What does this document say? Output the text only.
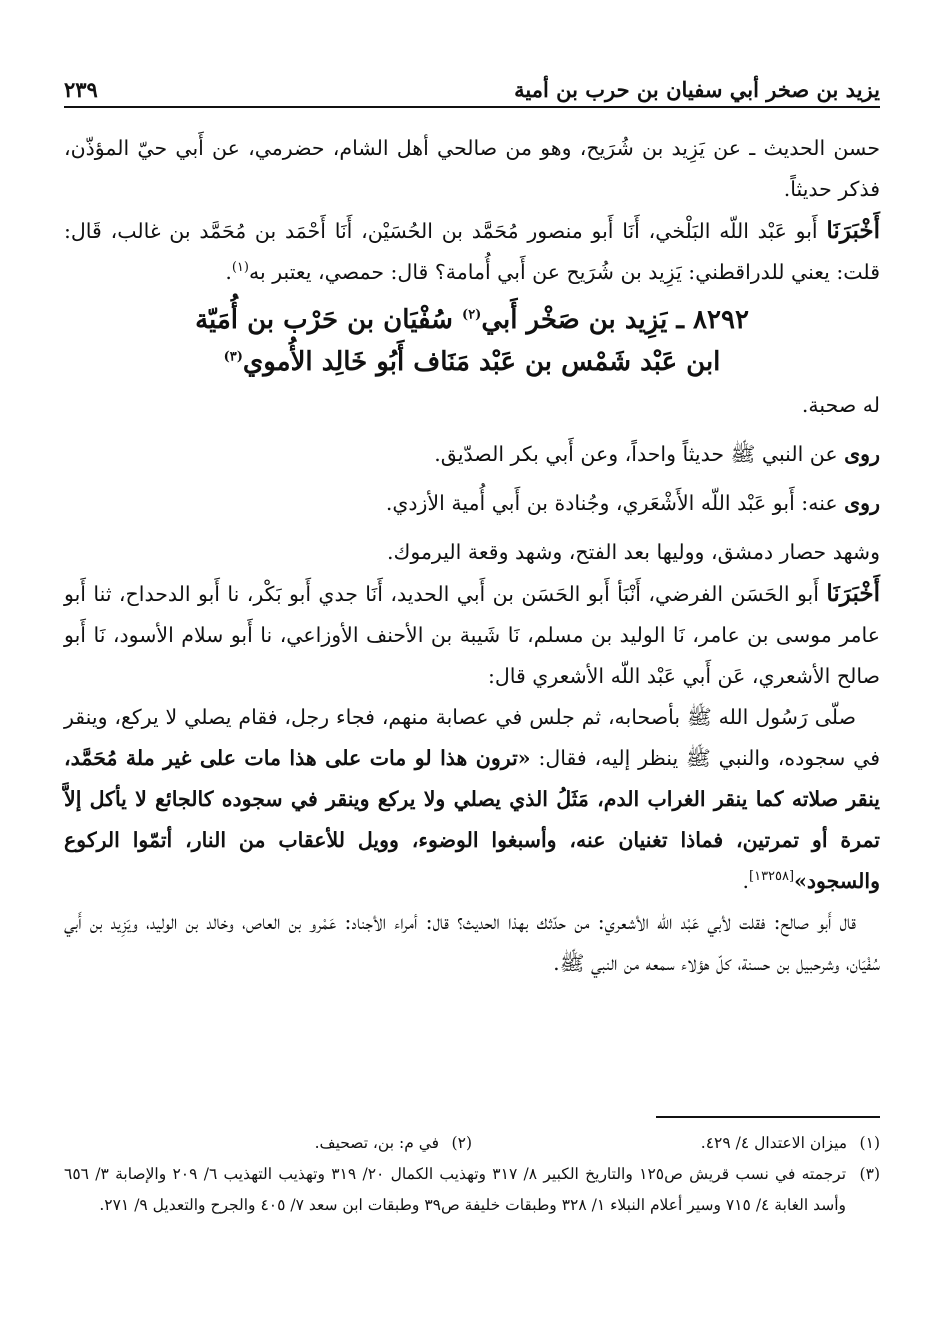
يزيد بن صخر أبي سفيان بن حرب بن أمية
٢٣٩

حسن الحديث ـ عن يَزِيد بن شُرَيح، وهو من صالحي أهل الشام، حضرمي، عن أَبي حيّ المؤذّن، فذكر حديثاً.

أَخْبَرَنَا أَبو عَبْد اللّه البَلْخي، أَنَا أَبو منصور مُحَمَّد بن الحُسَيْن، أَنَا أَحْمَد بن مُحَمَّد بن غالب، قَال: قلت: يعني للدراقطني: يَزِيد بن شُرَيح عن أَبي أُمامة؟ قال: حمصي، يعتبر به$^{(١)}$.

٨٢٩٢ ـ يَزِيد بن صَخْر أَبي$^{(٢)}$ سُفْيَان بن حَرْب بن أُمَيّة
ابن عَبْد شَمْس بن عَبْد مَنَاف أَبُو خَالِد الأُموي$^{(٣)}$

له صحبة.

روى عن النبي ﷺ حديثاً واحداً، وعن أَبي بكر الصدّيق.

روى عنه: أَبو عَبْد اللّه الأَشْعَري، وجُنادة بن أَبي أُمية الأزدي.

وشهد حصار دمشق، ووليها بعد الفتح، وشهد وقعة اليرموك.

أَخْبَرَنَا أَبو الحَسَن الفرضي، أَنْبَأ أَبو الحَسَن بن أَبي الحديد، أَنَا جدي أَبو بَكْر، نا أَبو الدحداح، ثنا أَبو عامر موسى بن عامر، نَا الوليد بن مسلم، نَا شَيبة بن الأحنف الأوزاعي، نا أَبو سلام الأسود، نَا أَبو صالح الأشعري، عَن أَبي عَبْد اللّه الأشعري قال:

صلّى رَسُول الله ﷺ بأصحابه، ثم جلس في عصابة منهم، فجاء رجل، فقام يصلي لا يركع، وينقر في سجوده، والنبي ﷺ ينظر إليه، فقال: «ترون هذا لو مات على هذا مات على غير ملة مُحَمَّد، ينقر صلاته كما ينقر الغراب الدم، مَثَلُ الذي يصلي ولا يركع وينقر في سجوده كالجائع لا يأكل إلاَّ تمرة أو تمرتين، فماذا تغنيان عنه، وأسبغوا الوضوء، وويل للأعقاب من النار، أتمّوا الركوع والسجود»[١٣٢٥٨].

قال أَبو صالح: فقلت لأبي عَبْد اللّه الأشعري: من حدّثك بهذا الحديث؟ قال: أمراء الأجناد: عَمْرو بن العاص، وخالد بن الوليد، ويَزِيد بن أَبي سُفْيَان، وشرحبيل بن حسنة، كلّ هؤلاء سمعه من النبي ﷺ.

(١) ميزان الاعتدال ٤/ ٤٢٩.
(٢) في م: بن، تصحيف.
(٣)
ترجمته في نسب قريش ص١٢٥ والتاريخ الكبير ٨/ ٣١٧ وتهذيب الكمال ٢٠/ ٣١٩ وتهذيب التهذيب ٦/ ٢٠٩ والإصابة ٣/ ٦٥٦ وأسد الغابة ٤/ ٧١٥ وسير أعلام النبلاء ١/ ٣٢٨ وطبقات خليفة ص٣٩ وطبقات ابن سعد ٧/ ٤٠٥ والجرح والتعديل ٩/ ٢٧١.
